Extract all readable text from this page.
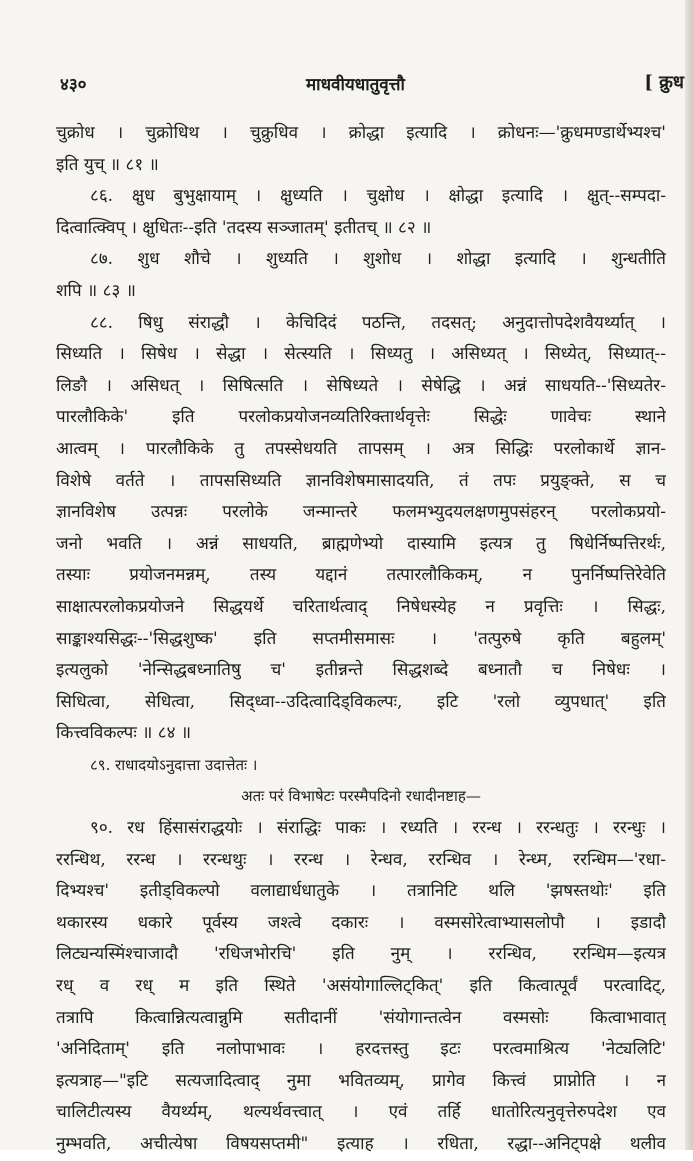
४३०	माधवीयधातुवृत्तौ	[ क्रुध
चुक्रोध । चुक्रोधिथ । चुक्रुधिव । क्रोद्धा इत्यादि । क्रोधनः—'क्रुधमण्डार्थेभ्यश्च'
इति युच् ॥ ८१ ॥
८६. क्षुध बुभुक्षायाम् । क्षुध्यति । चुक्षोध । क्षोद्धा इत्यादि । क्षुत्--सम्पदा-
दित्वात्क्विप् । क्षुधितः--इति 'तदस्य सञ्जातम्' इतीतच् ॥ ८२ ॥
८७. शुध शौचे । शुध्यति । शुशोध । शोद्धा इत्यादि । शुन्धतीति
शपि ॥ ८३ ॥
८८. षिधु संराद्धौ । केचिदिदं पठन्ति, तदसत्; अनुदात्तोपदेशवैयर्थ्यात् ।
सिध्यति । सिषेध । सेद्धा । सेत्स्यति । सिध्यतु । असिध्यत् । सिध्येत्, सिध्यात्--
लिङौ । असिधत् । सिषित्सति । सेषिध्यते । सेषेद्धि । अन्नं साधयति--'सिध्यतेर-
पारलौकिके' इति परलोकप्रयोजनव्यतिरिक्तार्थवृत्तेः सिद्धेः णावेचः स्थाने
आत्वम् । पारलौकिके तु तपस्सेधयति तापसम् । अत्र सिद्धिः परलोकार्थे ज्ञान-
विशेषे वर्तते । तापससिध्यति ज्ञानविशेषमासादयति, तं तपः प्रयुङ्क्ते, स च
ज्ञानविशेष उत्पन्नः परलोके जन्मान्तरे फलमभ्युदयलक्षणमुपसंहरन् परलोकप्रयो-
जनो भवति । अन्नं साधयति, ब्राह्मणेभ्यो दास्यामि इत्यत्र तु षिधेर्निष्पत्तिरर्थः,
तस्याः प्रयोजनमन्नम्, तस्य यद्दानं तत्पारलौकिकम्, न पुनर्निष्पत्तिरेवेति
साक्षात्परलोकप्रयोजने सिद्धयर्थे चरितार्थत्वाद् निषेधस्येह न प्रवृत्तिः । सिद्धः,
साङ्काश्यसिद्धः--'सिद्धशुष्क' इति सप्तमीसमासः । 'तत्पुरुषे कृति बहुलम्'
इत्यलुको 'नेन्सिद्धबध्नातिषु च' इतीन्नन्ते सिद्धशब्दे बध्नातौ च निषेधः ।
सिधित्वा, सेधित्वा, सिद्ध्वा--उदित्वादिड्विकल्पः, इटि 'रलो व्युपधात्' इति
कित्त्वविकल्पः ॥ ८४ ॥
८९. राधादयोऽनुदात्ता उदात्तेतः ।
अतः परं विभाषेटः परस्मैपदिनो रधादीनष्टाह—
९०. रध हिंसासंराद्धयोः । संराद्धिः पाकः । रध्यति । ररन्ध । ररन्धतुः । ररन्धुः ।
ररन्धिथ, ररन्ध । ररन्धथुः । ररन्ध । रेन्धव, ररन्धिव । रेन्ध्म, ररन्धिम—'रधा-
दिभ्यश्च' इतीड्विकल्पो वलाद्यार्धधातुके । तत्रानिटि थलि 'झषस्तथोः' इति
थकारस्य धकारे पूर्वस्य जश्त्वे दकारः । वस्मसोरेत्वाभ्यासलोपौ । इडादौ
लिट्यन्यस्मिंश्चाजादौ 'रधिजभोरचि' इति नुम् । ररन्धिव, ररन्धिम—इत्यत्र
रध् व रध् म इति स्थिते 'असंयोगाल्लिट्कित्' इति कित्वात्पूर्वं परत्वादिट्,
तत्रापि कित्वान्नित्यत्वान्नुमि सतीदानीं 'संयोगान्तत्वेन वस्मसोः कित्वाभावात्
'अनिदिताम्' इति नलोपाभावः । हरदत्तस्तु इटः परत्वमाश्रित्य 'नेट्यलिटि'
इत्यत्राह—"इटि सत्यजादित्वाद् नुमा भवितव्यम्, प्रागेव कित्त्वं प्राप्नोति । न
चालिटीत्यस्य वैयर्थ्यम्, थल्यर्थवत्त्वात् । एवं तर्हि धातोरित्यनुवृत्तेरुपदेश एव
नुम्भवति, अचीत्येषा विषयसप्तमी" इत्याह । रधिता, रद्धा--अनिट्पक्षे थलीव
